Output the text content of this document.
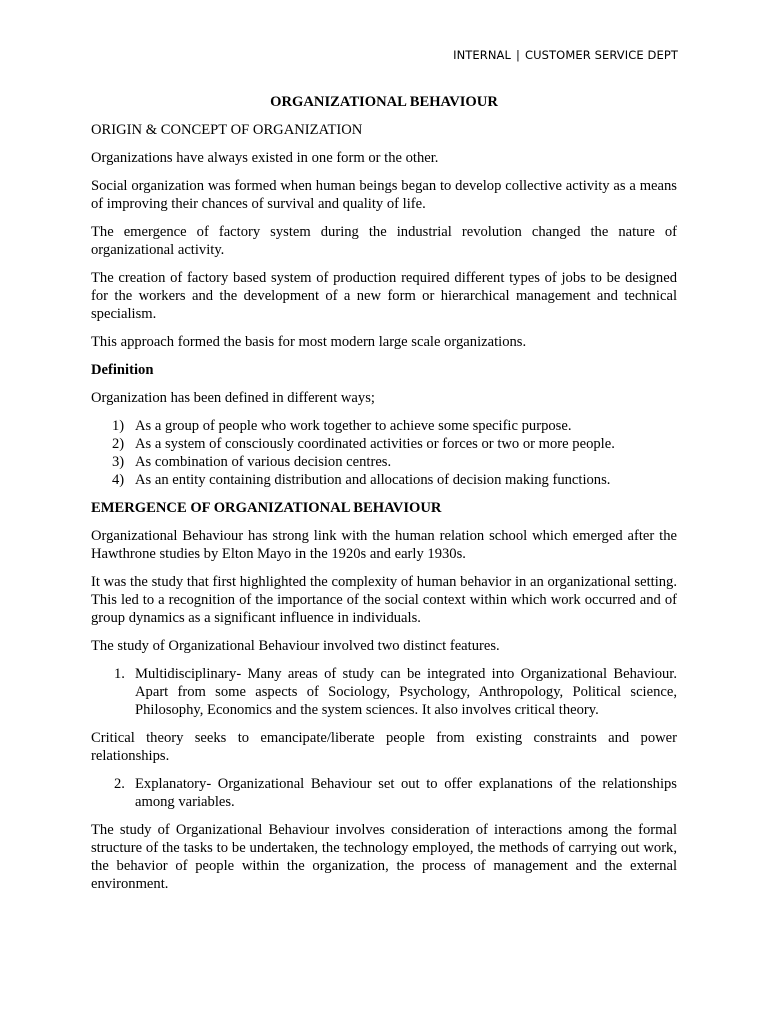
INTERNAL | CUSTOMER SERVICE DEPT

ORGANIZATIONAL BEHAVIOUR

ORIGIN & CONCEPT OF ORGANIZATION

Organizations have always existed in one form or the other.

Social organization was formed when human beings began to develop collective activity as a means of improving their chances of survival and quality of life.

The emergence of factory system during the industrial revolution changed the nature of organizational activity.

The creation of factory based system of production required different types of jobs to be designed for the workers and the development of a new form or hierarchical management and technical specialism.

This approach formed the basis for most modern large scale organizations.

Definition

Organization has been defined in different ways;

1) As a group of people who work together to achieve some specific purpose.
2) As a system of consciously coordinated activities or forces or two or more people.
3) As combination of various decision centres.
4) As an entity containing distribution and allocations of decision making functions.

EMERGENCE OF ORGANIZATIONAL BEHAVIOUR

Organizational Behaviour has strong link with the human relation school which emerged after the Hawthrone studies by Elton Mayo in the 1920s and early 1930s.

It was the study that first highlighted the complexity of human behavior in an organizational setting. This led to a recognition of the importance of the social context within which work occurred and of group dynamics as a significant influence in individuals.

The study of Organizational Behaviour involved two distinct features.

1. Multidisciplinary- Many areas of study can be integrated into Organizational Behaviour. Apart from some aspects of Sociology, Psychology, Anthropology, Political science, Philosophy, Economics and the system sciences. It also involves critical theory.

Critical theory seeks to emancipate/liberate people from existing constraints and power relationships.

2. Explanatory- Organizational Behaviour set out to offer explanations of the relationships among variables.

The study of Organizational Behaviour involves consideration of interactions among the formal structure of the tasks to be undertaken, the technology employed, the methods of carrying out work, the behavior of people within the organization, the process of management and the external environment.
